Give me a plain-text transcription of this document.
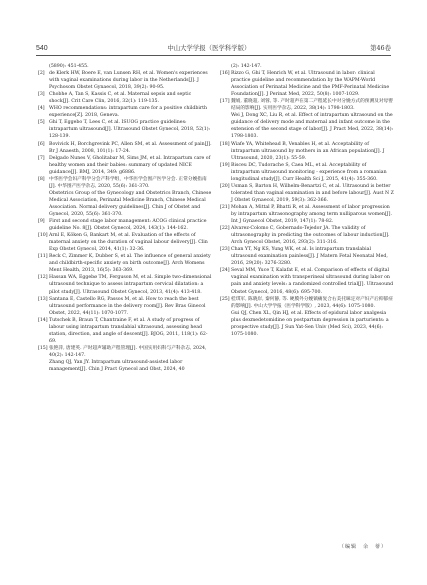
540	中山大学学报（医学科学版）	第46卷
(5890): 451-455.
[2] de Klerk HW, Boere E, van Lunsen RH, et al. Women's experiences with vaginal examinations during labor in the Netherlands[J]. J Psychosom Obstet Gynaecol, 2018, 39(2): 90-95.
[3] Chobhe A, Tan S, Kassis C, et al. Maternal sepsis and septic shock[J]. Crit Care Clin, 2016, 32(1): 119-135.
[4] WHO recommendations: intrapartum care for a positive childbirth experience[Z]. 2018, Geneva.
[5] Ghi T, Eggebo T, Lees C, et al. ISUOG practice guidelines: intrapartum ultrasound[J]. Ultrasound Obstet Gynecol, 2018, 52(1): 128-139.
[6] Bovivick H, Borchgrevink PC, Allen SM, et al. Assessment of pain[J]. Br J Anaesth, 2008, 101(1): 17-24.
[7] Delgado Nunes V, Gholitabar M, Sims JM, et al. Intrapartum care of healthy women and their babies: summary of updated NICE guidance[J]. BMJ, 2014, 349: g6886.
[8] 中华医学会妇产科学分会产科学组，中华医学会围产医学分会. 正常分娩指南[J]. 中华围产医学杂志, 2020, 55(6): 361-370.
Obstetrics Group of the Gynecology and Obstetrics Branch, Chinese Medical Association, Perinatal Medicine Branch, Chinese Medical Association. Normal delivery guidelines[J]. Chin J of Obstet and Gynecol, 2020, 55(6): 361-370.
[9] First and second stage labor management: ACOG clinical practice guideline No. 8[J]. Obstet Gynecol, 2024, 143(1): 144-162.
[10] Arnl E, Köken G, Bankart M, et al. Evaluation of the effects of maternal anxiety on the duration of vaginal labour delivery[J]. Clin Exp Obstet Gynecol, 2014, 41(1): 32-36.
[11] Reck C, Zimmer K, Dubber S, et al. The influence of general anxiety and childbirth-specific anxiety on birth outcome[J]. Arch Womens Ment Health, 2013, 16(5): 363-369.
[12] Hassan WA, Eggebø TM, Ferguson M, et al. Simple two-dimensional ultrasound technique to assess intrapartum cervical dilatation: a pilot study[J]. Ultrasound Obstet Gynecol, 2013, 41(4): 413-418.
[13] Santana E, Castello RG, Passos M, et al. How to reach the best ultrasound performance in the delivery room[J]. Rev Bras Ginecol Obstet, 2022, 44(11): 1070-1077.
[14] Tutschek B, Braun T, Chantraine F, et al. A study of progress of labour using intrapartum translabial ultrasound, assessing head station, direction, and angle of descent[J]. BJOG, 2011, 118(1): 62-69.
[15] 张艳萍, 唐建英. 产时超声辅助产程管理[J]. 中国实用妇科与产科杂志, 2024, 40(2): 142-147.
Zhang QJ, Yan JY. Intrapartum ultrasound-assisted labor management[J]. Chin J Pract Gynecol and Obst, 2024, 40
(2): 142-147.
[16] Rizzo G, Ghi T, Henrich W, et al. Ultrasound in labor: clinical practice guideline and recommendation by the WAPM-World Association of Perinatal Medicine and the PMF-Perinatal Medicine Foundation[J]. J Perinat Med, 2022, 50(8): 1007-1029.
[17] 魏娟, 董晓超, 刘蓉, 等. 产时超声在第二产程延长中对分娩方式的预测及对母婴结局的影响[J]. 实用医学杂志, 2022, 38(14): 1798-1803.
Wei J, Dong XC, Liu R, et al. Effect of intrapartum ultrasound on the guidance of delivery mode and maternal and infant outcome in the extension of the second stage of labor[J]. J Pract Med, 2022, 38(14): 1798-1803.
[18] Wiafe YA, Whitehead B, Venables H, et al. Acceptability of intrapartum ultrasound by mothers in an African population[J]. J Ultrasound, 2020, 23(1): 55-59.
[19] Bisceu DC, Tudorache S, Caea ML, et al. Acceptability of intrapartum ultrasound monitoring - experience from a romanian longitudinal study[J]. Curr Health Sci J, 2015, 41(4): 355-360.
[20] Usman S, Barton H, Wilhelm-Benartzi C, et al. Ultrasound is better tolerated than vaginal examination in and before labour[J]. Aust N Z J Obstet Gynaecol, 2019, 59(3): 362-366.
[21] Mohan A, Mittal P, Bhatti R, et al. Assessment of labor progression by intrapartum ultrasonography among term nulliparous women[J]. Int J Gynaecol Obstet, 2019, 147(1): 78-82.
[22] Alvarez-Colomo C, Gobernado-Tejedor JA. The validity of ultrasonography in predicting the outcomes of labour induction[J]. Arch Gynecol Obstet, 2016, 293(2): 311-316.
[23] Chan YT, Ng KS, Yung WK, et al. Is intrapartum translabial ultrasound examination painless[J]. J Matern Fetal Neonatal Med, 2016, 29(20): 3276-3280.
[24] Seval MM, Yuce T, Kalafat E, et al. Comparison of effects of digital vaginal examination with transperineal ultrasound during labor on pain and anxiety levels: a randomized controlled trial[J]. Ultrasound Obstet Gynecol, 2016, 48(6): 695-700.
[25] 桂琪军, 陈晓岸, 秦何静, 等. 硬膜外分娩镇痛复合右美托咪定对产妇产后抑郁症的影响[J]. 中山大学学报（医学科学版）, 2023, 44(6): 1075-1080.
Gui QJ, Chen XL, Qin HJ, et al. Effects of epidural labor analgesia plus dexmedetomidine on postpartum depression in parturients: a prospective study[J]. J Sun Yat-Sen Univ (Med Sci), 2023, 44(6): 1075-1080.
（编辑　余　蒂）
